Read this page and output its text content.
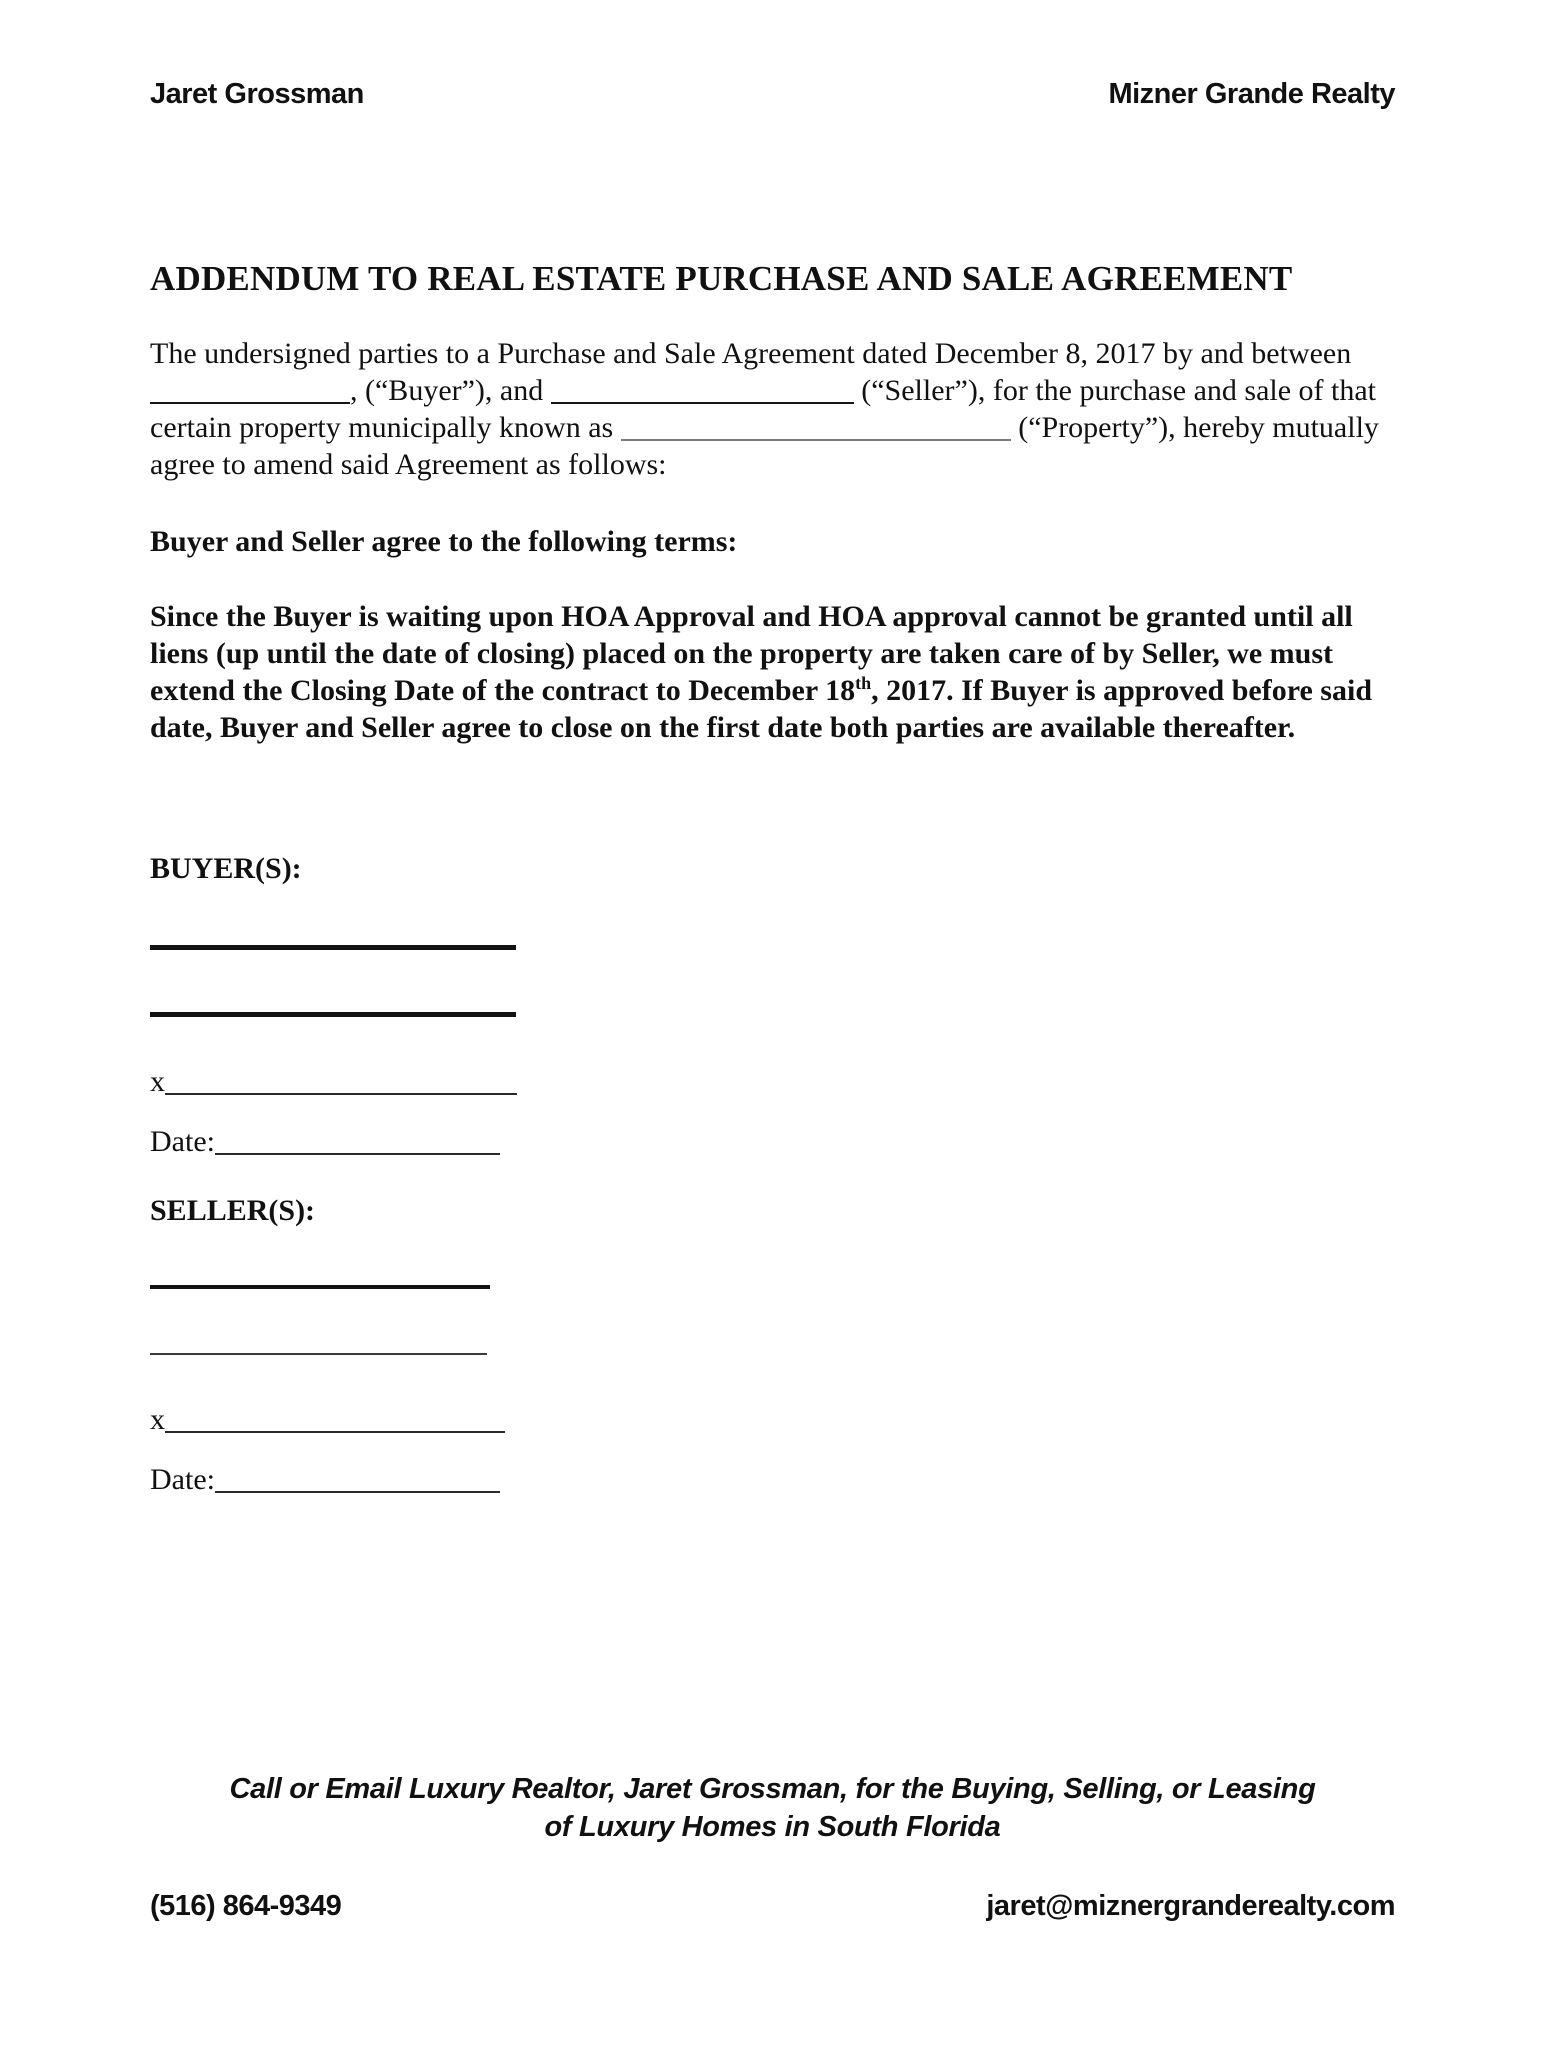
Jaret Grossman	Mizner Grande Realty
ADDENDUM TO REAL ESTATE PURCHASE AND SALE AGREEMENT
The undersigned parties to a Purchase and Sale Agreement dated December 8, 2017 by and between , (“Buyer”), and	(“Seller”), for the purchase and sale of that certain property municipally known as	(“Property”), hereby mutually agree to amend said Agreement as follows:
Buyer and Seller agree to the following terms:
Since the Buyer is waiting upon HOA Approval and HOA approval cannot be granted until all liens (up until the date of closing) placed on the property are taken care of by Seller, we must extend the Closing Date of the contract to December 18th, 2017. If Buyer is approved before said date, Buyer and Seller agree to close on the first date both parties are available thereafter.
BUYER(S):
x
Date:
SELLER(S):
x
Date:
Call or Email Luxury Realtor, Jaret Grossman, for the Buying, Selling, or Leasing of Luxury Homes in South Florida
(516) 864-9349	jaret@miznergranderealty.com
